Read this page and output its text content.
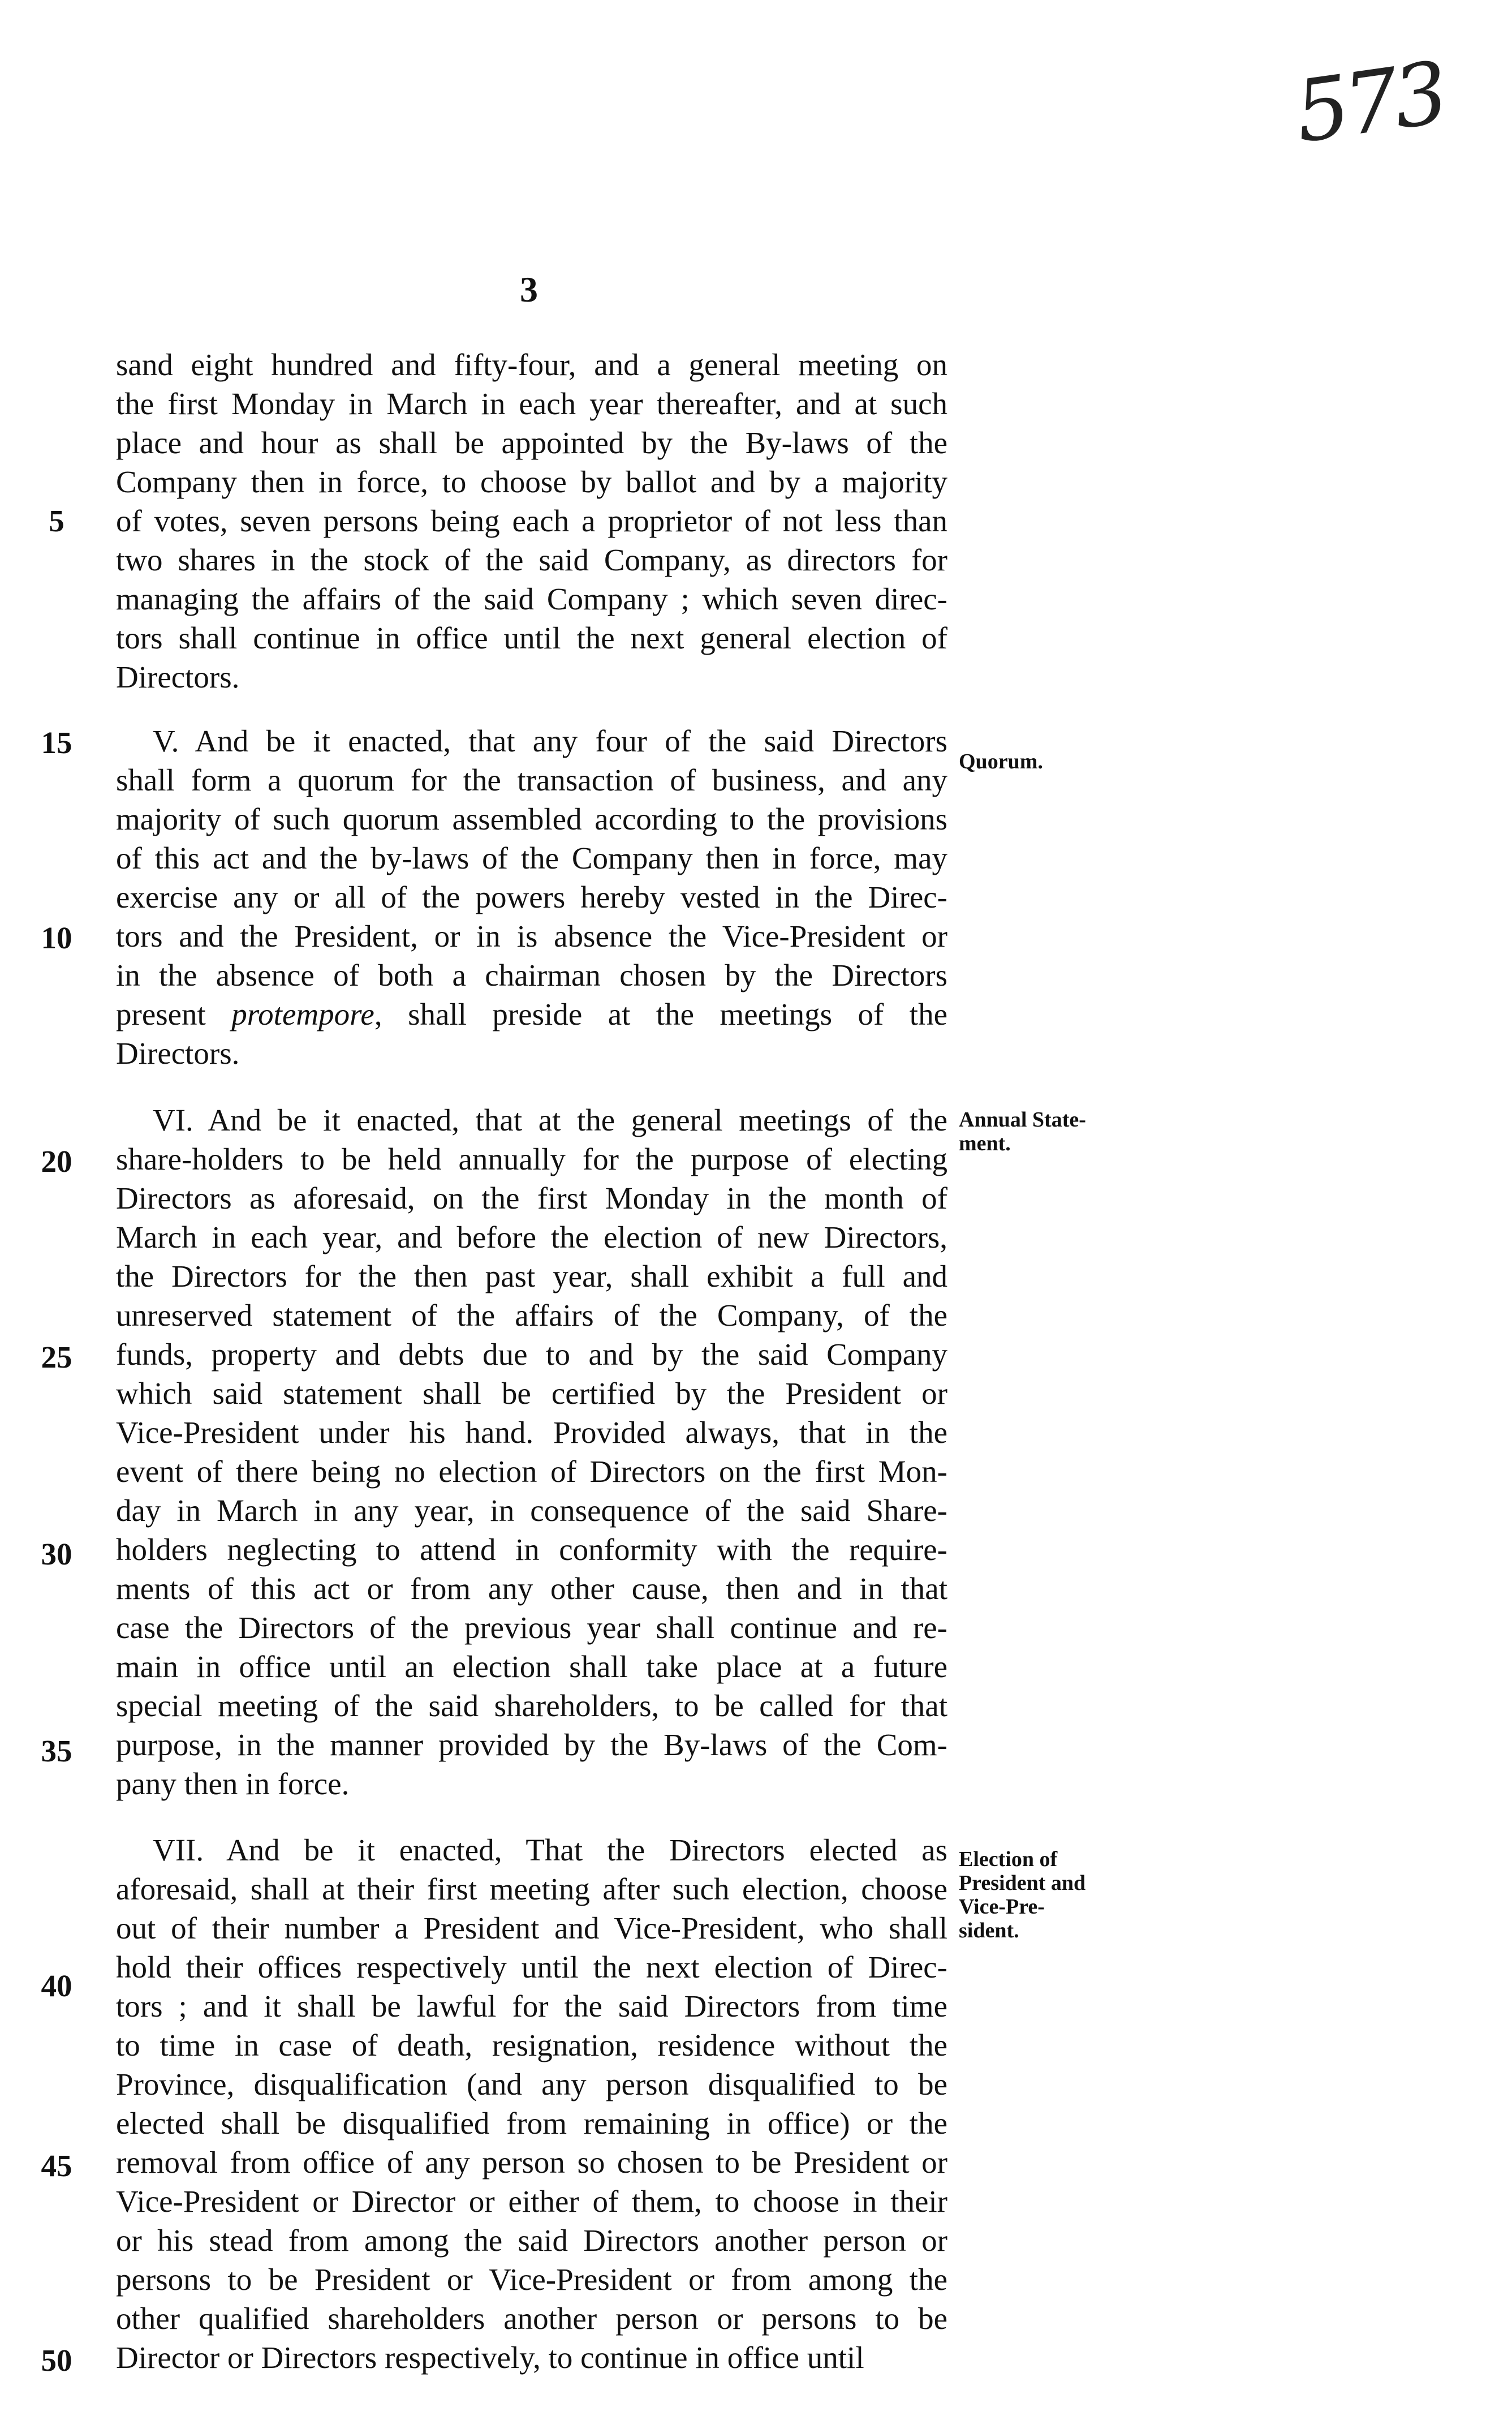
573
3
sand eight hundred and fifty-four, and a general meeting on
the first Monday in March in each year thereafter, and at such
place and hour as shall be appointed by the By-laws of the
Company then in force, to choose by ballot and by a majority
of votes, seven persons being each a proprietor of not less than
two shares in the stock of the said Company, as directors for
managing the affairs of the said Company ; which seven direc-
tors shall continue in office until the next general election of
Directors.
V. And be it enacted, that any four of the said Directors
shall form a quorum for the transaction of business, and any
majority of such quorum assembled according to the provisions
of this act and the by-laws of the Company then in force, may
exercise any or all of the powers hereby vested in the Direc-
tors and the President, or in is absence the Vice-President or
in the absence of both a chairman chosen by the Directors
present protempore, shall preside at the meetings of the
Directors.
VI. And be it enacted, that at the general meetings of the
share-holders to be held annually for the purpose of electing
Directors as aforesaid, on the first Monday in the month of
March in each year, and before the election of new Directors,
the Directors for the then past year, shall exhibit a full and
unreserved statement of the affairs of the Company, of the
funds, property and debts due to and by the said Company
which said statement shall be certified by the President or
Vice-President under his hand. Provided always, that in the
event of there being no election of Directors on the first Mon-
day in March in any year, in consequence of the said Share-
holders neglecting to attend in conformity with the require-
ments of this act or from any other cause, then and in that
case the Directors of the previous year shall continue and re-
main in office until an election shall take place at a future
special meeting of the said shareholders, to be called for that
purpose, in the manner provided by the By-laws of the Com-
pany then in force.
VII. And be it enacted, That the Directors elected as
aforesaid, shall at their first meeting after such election, choose
out of their number a President and Vice-President, who shall
hold their offices respectively until the next election of Direc-
tors ; and it shall be lawful for the said Directors from time
to time in case of death, resignation, residence without the
Province, disqualification (and any person disqualified to be
elected shall be disqualified from remaining in office) or the
removal from office of any person so chosen to be President or
Vice-President or Director or either of them, to choose in their
or his stead from among the said Directors another person or
persons to be President or Vice-President or from among the
other qualified shareholders another person or persons to be
Director or Directors respectively, to continue in office until
5
15
10
20
25
30
35
40
45
50
Quorum.
Annual State-
ment.
Election of
President and
Vice-Pre-
sident.
